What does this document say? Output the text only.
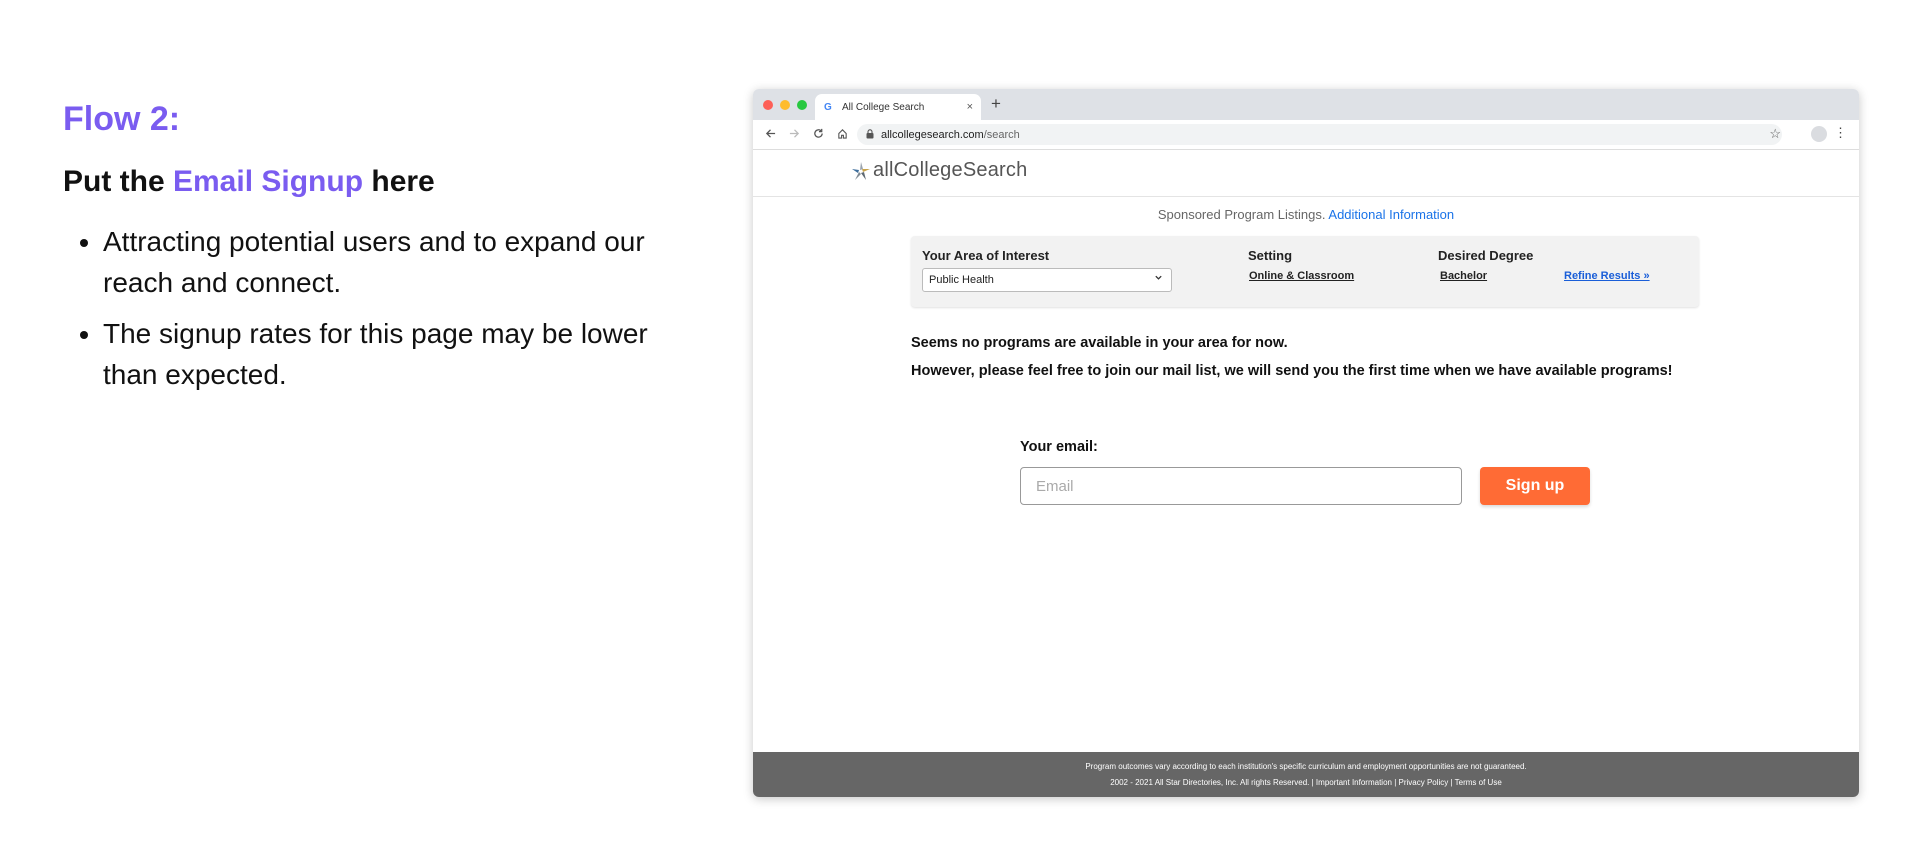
Flow 2:
Put the Email Signup here
• Attracting potential users and to expand our reach and connect.
• The signup rates for this page may be lower than expected.
G	All College Search	× +
allcollegesearch.com /search	☆	⋮
allCollegeSearch
Sponsored Program Listings. Additional Information
Your Area of Interest
Public Health
Setting
Online & Classroom
Desired Degree
Bachelor	Refine Results »
Seems no programs are available in your area for now.
However, please feel free to join our mail list, we will send you the first time when we have available programs!
Your email:
Email
Sign up
Program outcomes vary according to each institution's specific curriculum and employment opportunities are not guaranteed.
2002 - 2021 All Star Directories, Inc. All rights Reserved. | Important Information | Privacy Policy | Terms of Use
